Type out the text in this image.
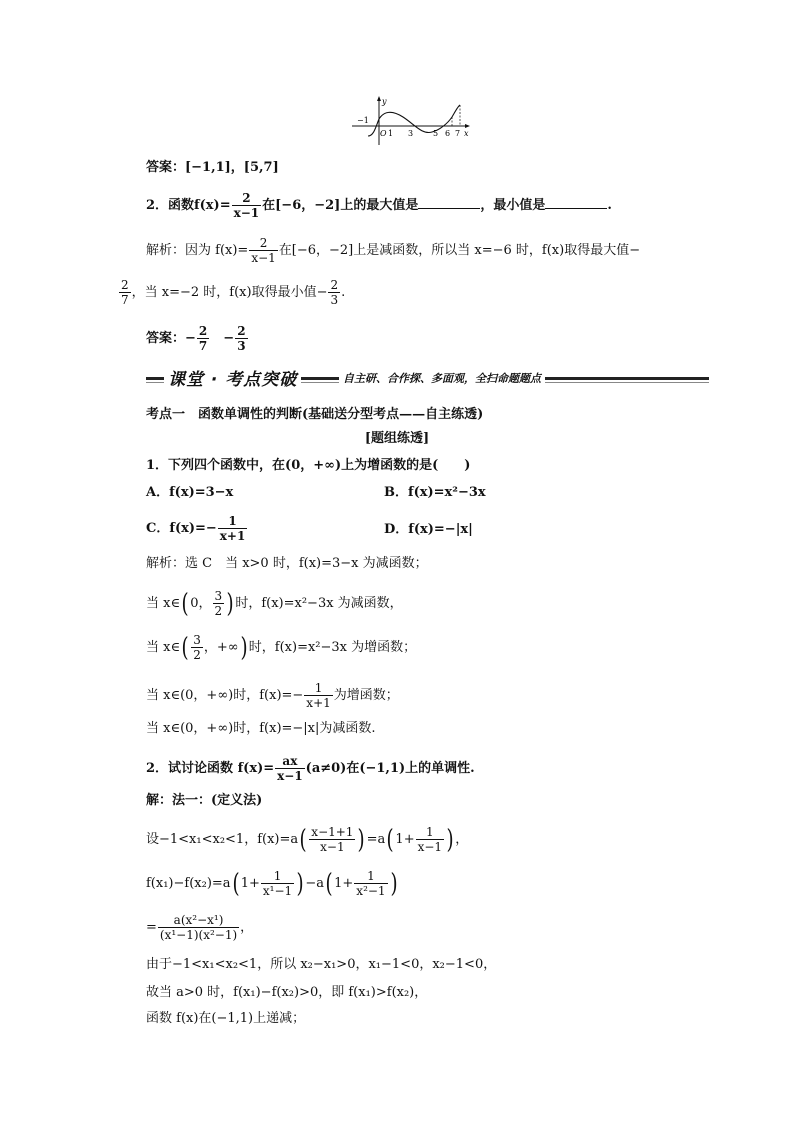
y
−1
O 1 3 5 6 7 x
答案：[−1,1]，[5,7]
2．函数$f(x)= \frac{2}{x-1}$ 在[−6，−2]上的最大值是	，最小值是	.
解析：因为 $f(x)= \frac{2}{x-1}$ 在[−6，−2]上是减函数，所以当 x=−6 时，f(x)取得最大值−
$\frac{2}{7}$ ，当 x=−2 时，f(x)取得最小值− $\frac{2}{3}$ .
答案：− $\frac{2}{7}$
  − $\frac{2}{3}$
课堂 · 考点突破	自主研、合作探、多面观，全扫命题题点
考点一　函数单调性的判断(基础送分型考点——自主练透)
[题组练透]
1．下列四个函数中，在(0，+∞)上为增函数的是(　　)
A．f(x)=3−x	B．f(x)=x²−3x
C．$f(x)=- \frac{1}{x+1}$	D．f(x)=−|x|
解析：选 C　当 x>0 时，f(x)=3−x 为减函数；
当 x∈( 0， $\frac{3}{2}$ ) 时，f(x)=x²−3x 为减函数，
当 x∈( $\frac{3}{2}$ ，+∞) 时，f(x)=x²−3x 为增函数；
当 x∈(0，+∞)时，$f(x)=- \frac{1}{x+1}$ 为增函数；
当 x∈(0，+∞)时，f(x)=−|x|为减函数.
2．试讨论函数 $f(x)= \frac{ax}{x-1} (a\ne 0)$在(−1,1)上的单调性.
解：法一：(定义法)
设−1<x₁<x₂<1，$f(x)=a( \frac{x-1+1}{x-1}$ ) =a( $1+ \frac{1}{x-1}$ ) ，
f(x₁)−f(x₂)=a( $1+ \frac{1}{\text{x¹−1}}$ ) −a( $1+ \frac{1}{\text{x²−1}}$ )
= $\frac{\text{a(x²−x¹)}}{\text{(x¹−1)(x²−1)}}$ ，
由于−1<x₁<x₂<1，所以 x₂−x₁>0，x₁−1<0，x₂−1<0，
故当 a>0 时，f(x₁)−f(x₂)>0，即 f(x₁)>f(x₂)，
函数 f(x)在(−1,1)上递减；
